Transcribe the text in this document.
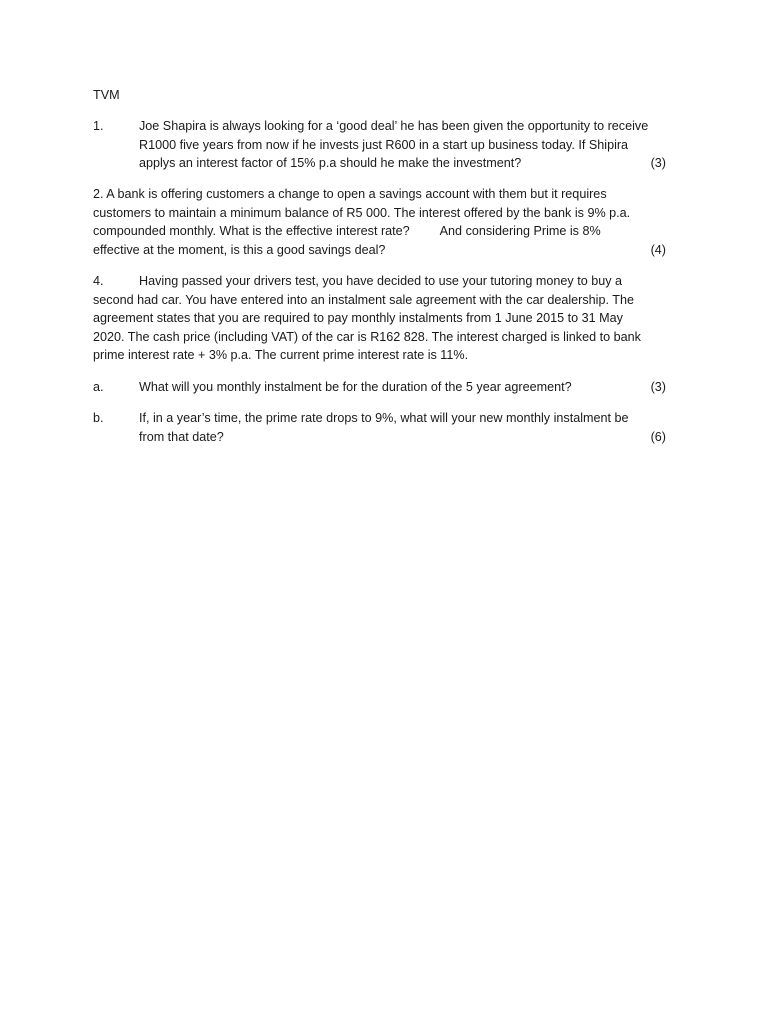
TVM
1.	Joe Shapira is always looking for a ‘good deal’ he has been given the opportunity to receive
R1000 five years from now if he invests just R600 in a start up business today. If Shipira
applys an interest factor of 15% p.a should he make the investment?	(3)
2. A bank is offering customers a change to open a savings account with them but it requires
customers to maintain a minimum balance of R5 000. The interest offered by the bank is 9% p.a.
compounded monthly. What is the effective interest rate? And considering Prime is 8%
effective at the moment, is this a good savings deal?	(4)
4.	Having passed your drivers test, you have decided to use your tutoring money to buy a
second had car. You have entered into an instalment sale agreement with the car dealership. The
agreement states that you are required to pay monthly instalments from 1 June 2015 to 31 May
2020. The cash price (including VAT) of the car is R162 828. The interest charged is linked to bank
prime interest rate + 3% p.a. The current prime interest rate is 11%.
a.	What will you monthly instalment be for the duration of the 5 year agreement?	(3)
b.	If, in a year’s time, the prime rate drops to 9%, what will your new monthly instalment be
from that date?	(6)
